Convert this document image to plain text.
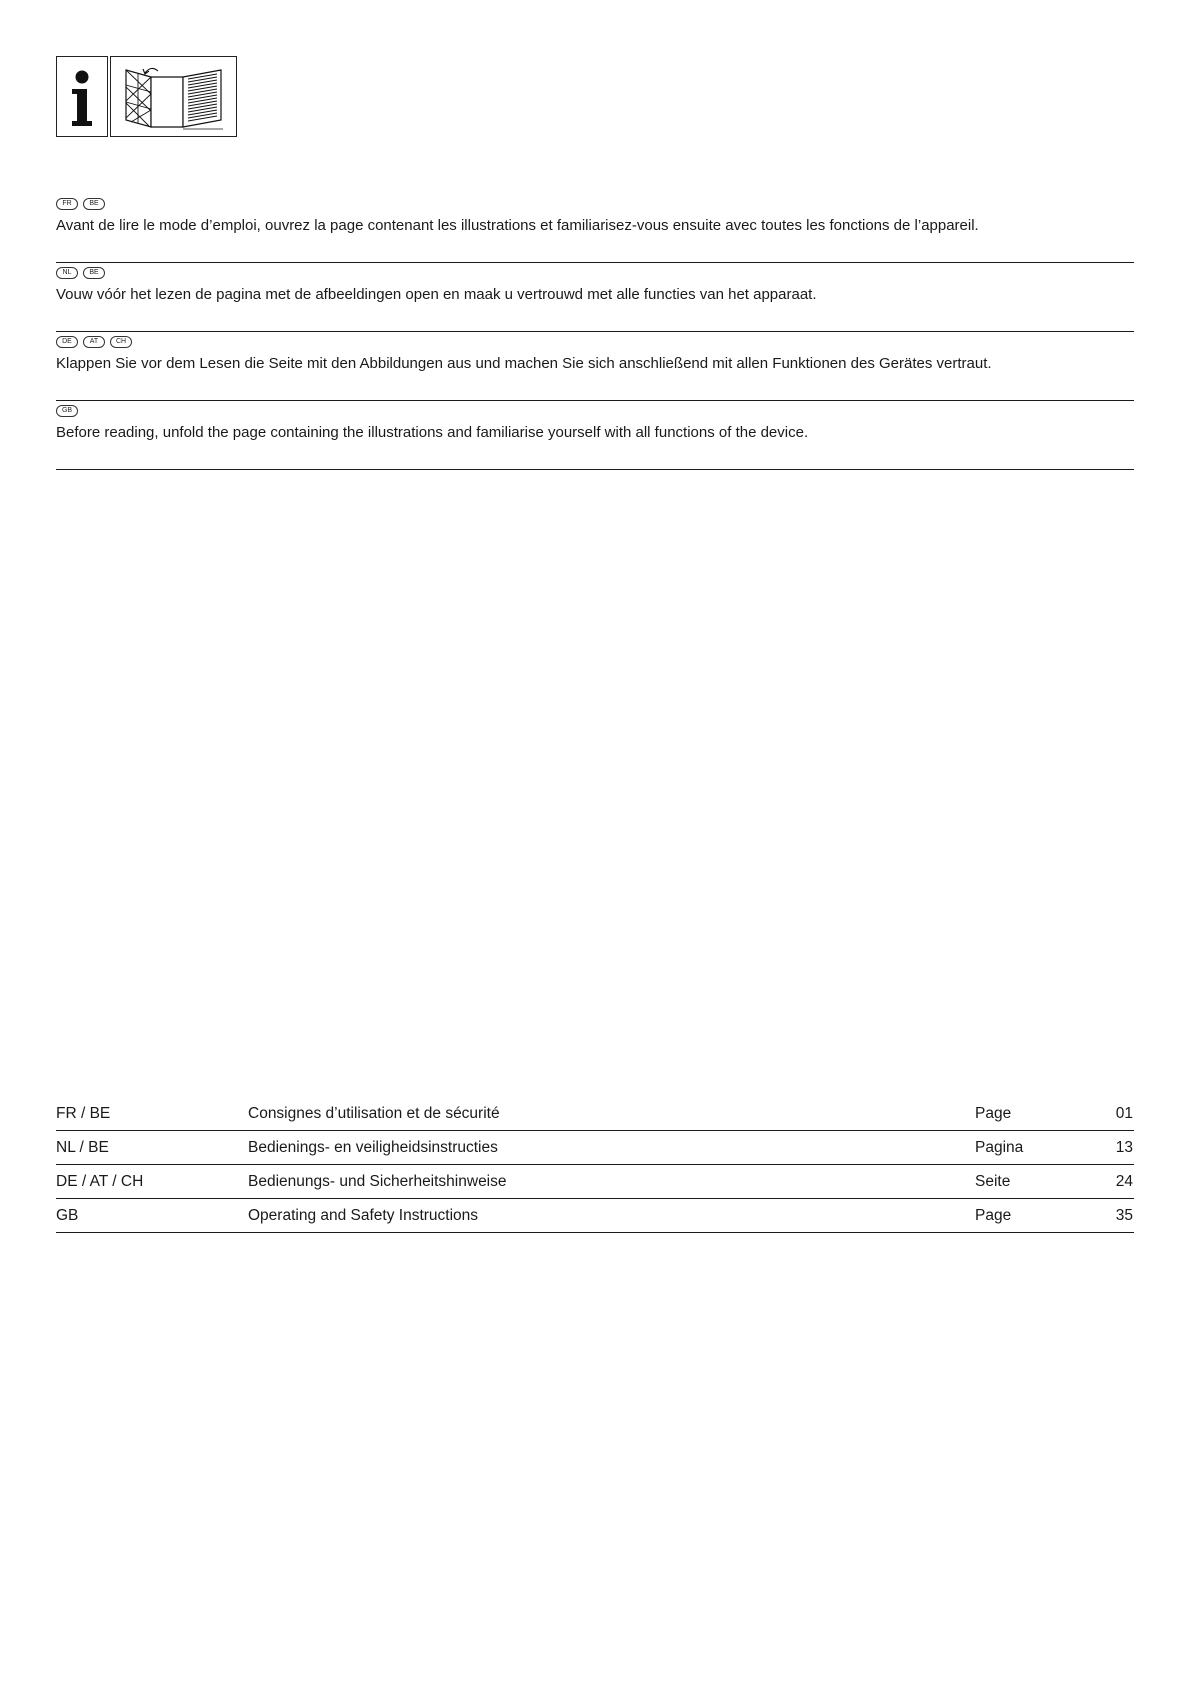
FR	BE
Avant de lire le mode d’emploi, ouvrez la page contenant les illustrations et familiarisez-vous ensuite avec toutes les fonctions de l’appareil.
NL	BE
Vouw vóór het lezen de pagina met de afbeeldingen open en maak u vertrouwd met alle functies van het apparaat.
DE	AT	CH
Klappen Sie vor dem Lesen die Seite mit den Abbildungen aus und machen Sie sich anschließend mit allen Funktionen des Gerätes vertraut.
GB
Before reading, unfold the page containing the illustrations and familiarise yourself with all functions of the device.
FR / BE	Consignes d’utilisation et de sécurité	Page	01
NL / BE	Bedienings- en veiligheidsinstructies	Pagina	13
DE / AT / CH	Bedienungs- und Sicherheitshinweise	Seite	24
GB	Operating and Safety Instructions	Page	35
